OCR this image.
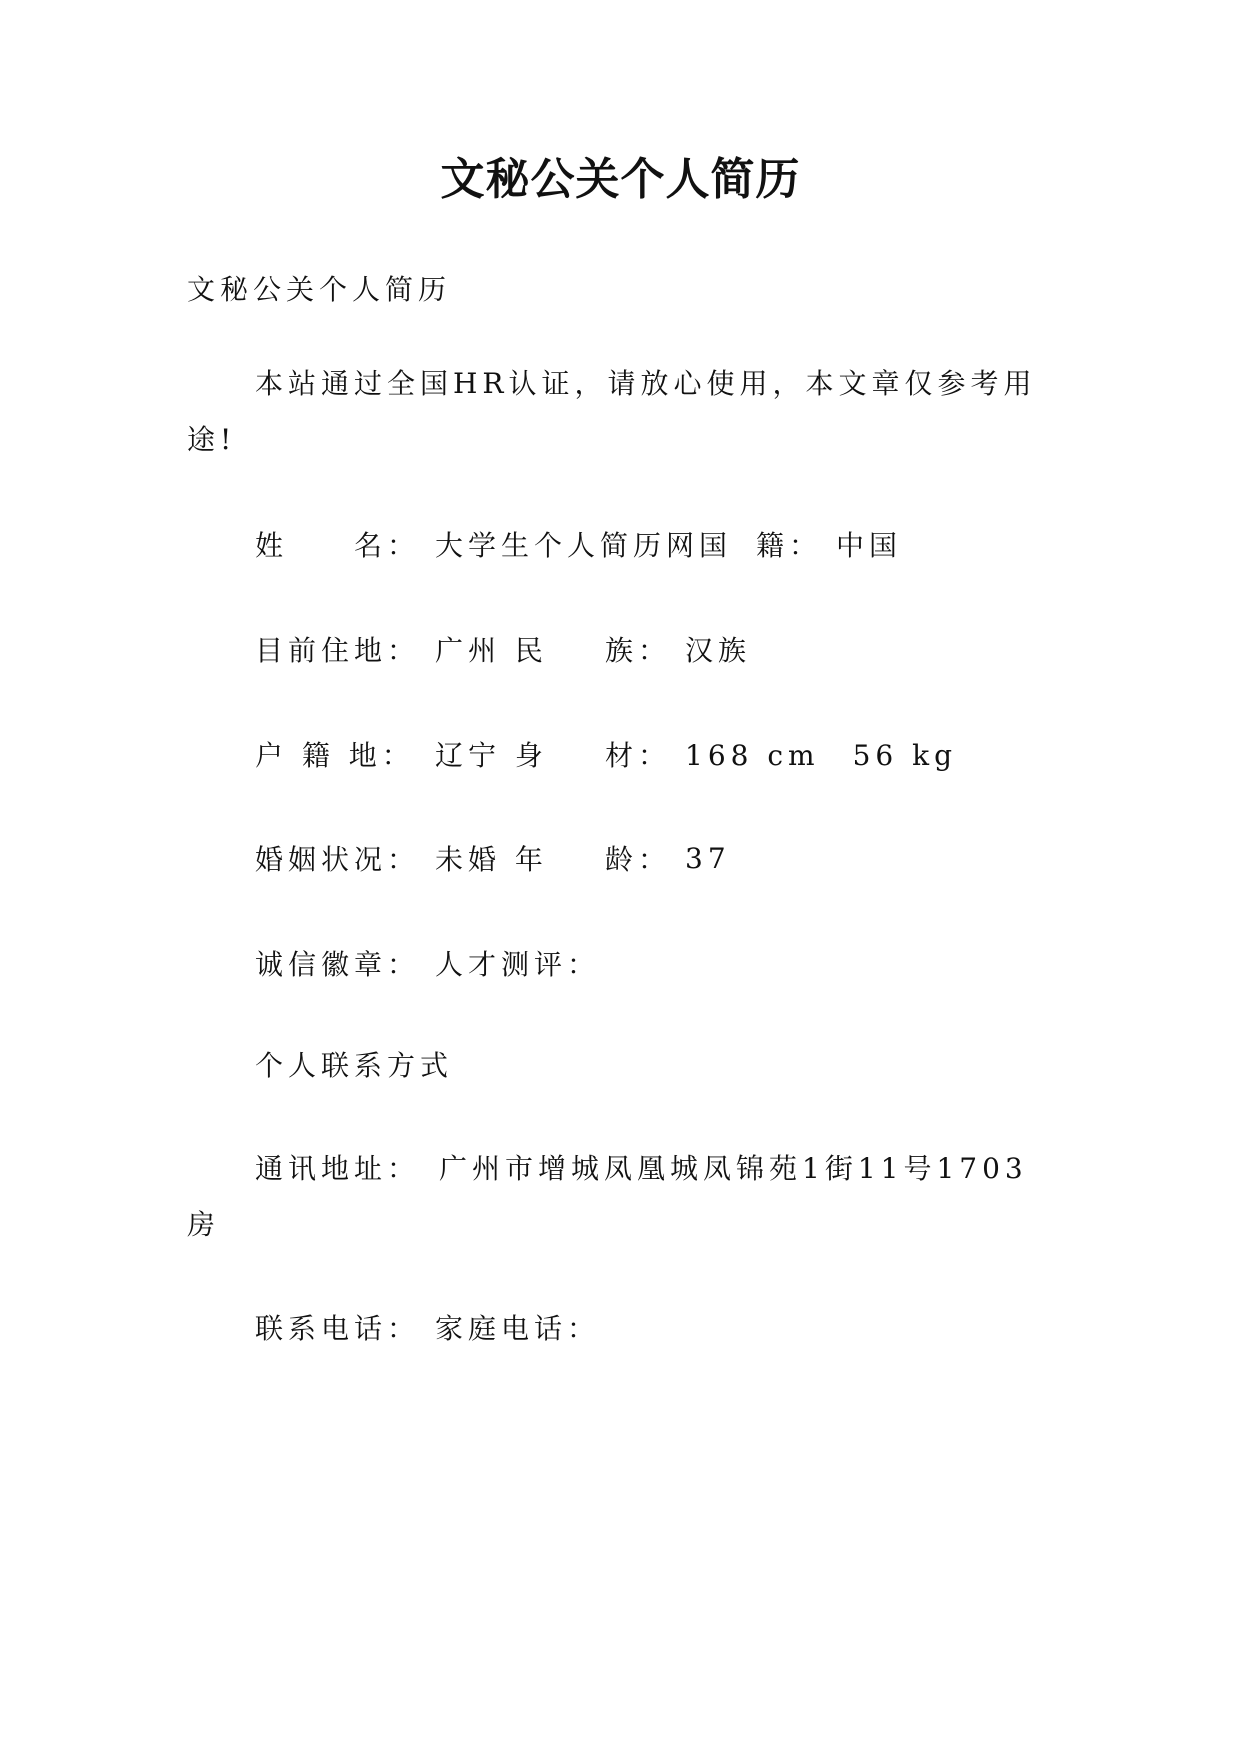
文秘公关个人简历
文秘公关个人简历
本站通过全国HR认证，请放心使用，本文章仅参考用途!
姓　　名： 大学生个人简历网国 籍： 中国
目前住地： 广州 民	族： 汉族
户 籍 地： 辽宁 身	材： 168 cm　56 kg
婚姻状况： 未婚 年	龄： 37
诚信徽章： 人才测评：
个人联系方式
通讯地址：　广州市增城凤凰城凤锦苑1街11号1703房
联系电话： 家庭电话：
